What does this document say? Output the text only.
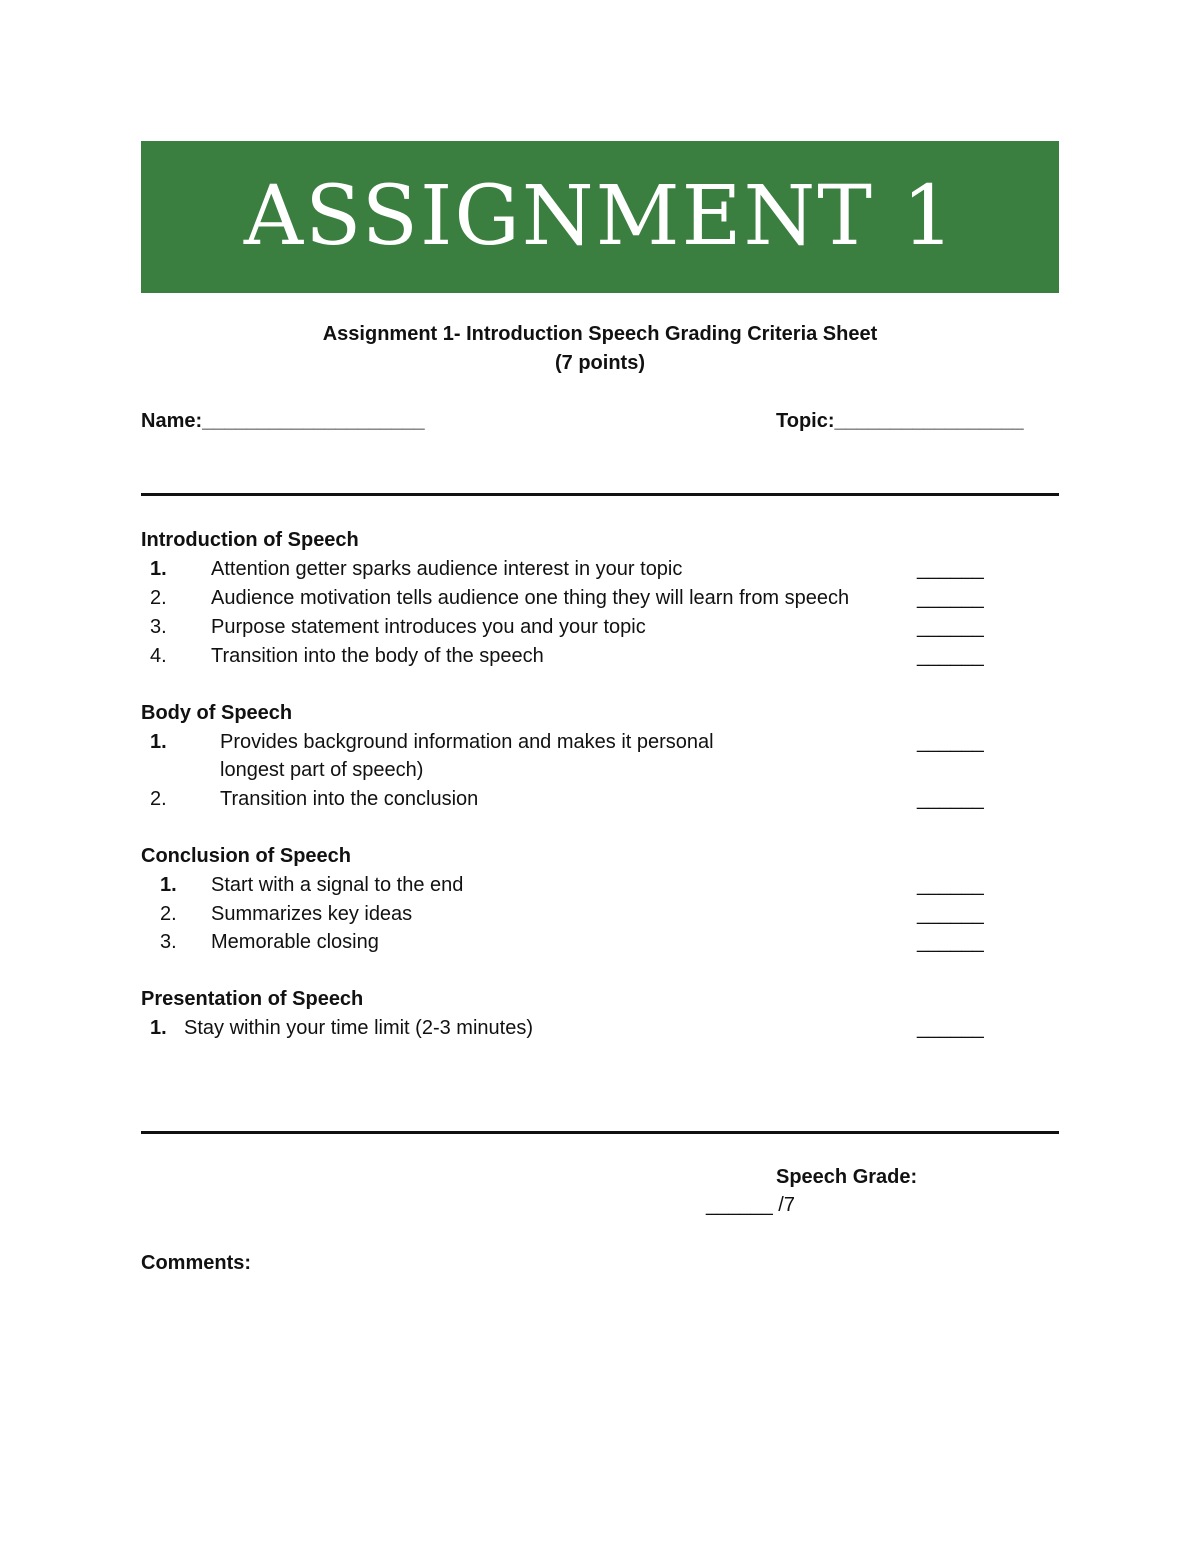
ASSIGNMENT 1
Assignment 1- Introduction Speech Grading Criteria Sheet
(7 points)
Name:____________________	Topic:_________________
Introduction of Speech
1. Attention getter sparks audience interest in your topic	______
2. Audience motivation tells audience one thing they will learn from speech	______
3. Purpose statement introduces you and your topic	______
4. Transition into the body of the speech	______
Body of Speech
1.	Provides background information and makes it personal	______
longest part of speech)
2.	Transition into the conclusion	______
Conclusion of Speech
1. Start with a signal to the end	______
2. Summarizes key ideas	______
3. Memorable closing	______
Presentation of Speech
1. Stay within your time limit (2-3 minutes)	______
Speech Grade:
______ /7
Comments:
